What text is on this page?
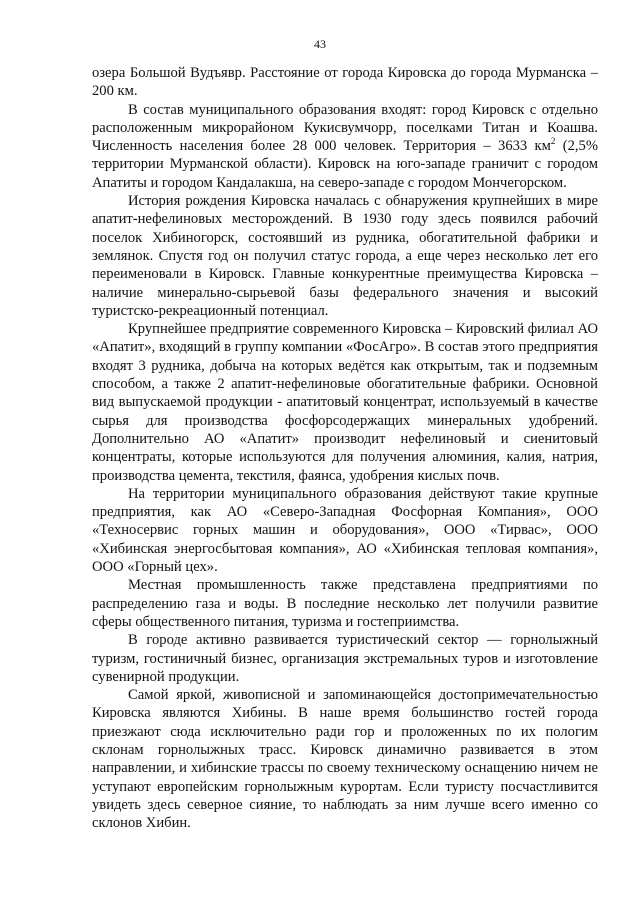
43

озера Большой Вудъявр. Расстояние от города Кировска до города Мурманска – 200 км.

В состав муниципального образования входят: город Кировск с отдельно расположенным микрорайоном Кукисвумчорр, поселками Титан и Коашва. Численность населения более 28 000 человек. Территория – 3633 $км^2$ (2,5% территории Мурманской области). Кировск на юго-западе граничит с городом Апатиты и городом Кандалакша, на северо-западе с городом Мончегорском.

История рождения Кировска началась с обнаружения крупнейших в мире апатит-нефелиновых месторождений. В 1930 году здесь появился рабочий поселок Хибиногорск, состоявший из рудника, обогатительной фабрики и землянок. Спустя год он получил статус города, а еще через несколько лет его переименовали в Кировск. Главные конкурентные преимущества Кировска – наличие минерально-сырьевой базы федерального значения и высокий туристско-рекреационный потенциал.

Крупнейшее предприятие современного Кировска – Кировский филиал АО «Апатит», входящий в группу компании «ФосАгро». В состав этого предприятия входят 3 рудника, добыча на которых ведётся как открытым, так и подземным способом, а также 2 апатит-нефелиновые обогатительные фабрики. Основной вид выпускаемой продукции - апатитовый концентрат, используемый в качестве сырья для производства фосфорсодержащих минеральных удобрений. Дополнительно АО «Апатит» производит нефелиновый и сиенитовый концентраты, которые используются для получения алюминия, калия, натрия, производства цемента, текстиля, фаянса, удобрения кислых почв.

На территории муниципального образования действуют такие крупные предприятия, как АО «Северо-Западная Фосфорная Компания», ООО «Техносервис горных машин и оборудования», ООО «Тирвас», ООО «Хибинская энергосбытовая компания», АО «Хибинская тепловая компания», ООО «Горный цех».

Местная промышленность также представлена предприятиями по распределению газа и воды. В последние несколько лет получили развитие сферы общественного питания, туризма и гостеприимства.

В городе активно развивается туристический сектор — горнолыжный туризм, гостиничный бизнес, организация экстремальных туров и изготовление сувенирной продукции.

Самой яркой, живописной и запоминающейся достопримечательностью Кировска являются Хибины. В наше время большинство гостей города приезжают сюда исключительно ради гор и проложенных по их пологим склонам горнолыжных трасс. Кировск динамично развивается в этом направлении, и хибинские трассы по своему техническому оснащению ничем не уступают европейским горнолыжным курортам. Если туристу посчастливится увидеть здесь северное сияние, то наблюдать за ним лучше всего именно со склонов Хибин.
